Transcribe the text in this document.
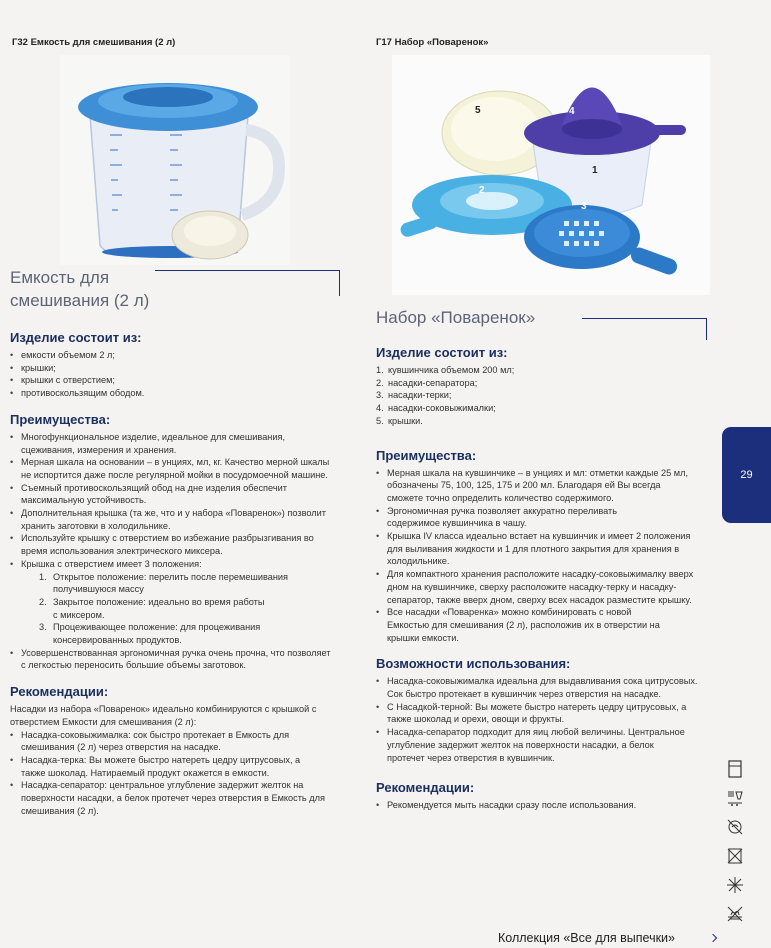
Г32 Емкость для смешивания (2 л)
Емкость для
смешивания (2 л)
Изделие состоит из:

• емкости объемом 2 л;

• крышки;

• крышки с отверстием;

• противоскользящим ободом.

Преимущества:

• Многофункциональное изделие, идеальное для смешивания, сцеживания, измерения и хранения.

• Мерная шкала на основании – в унциях, мл, кг. Качество мерной шкалы не испортится даже после регулярной мойки в посудомоечной машине.

• Съемный противоскользящий обод на дне изделия обеспечит максимальную устойчивость.

• Дополнительная крышка (та же, что и у набора «Поваренок») позволит хранить заготовки в холодильнике.

• Используйте крышку с отверстием во избежание разбрызгивания во время использования электрического миксера.

• Крышка с отверстием имеет 3 положения:

1. Открытое положение: перелить после перемешивания получившуюся массу

2. Закрытое положение: идеально во время работы с миксером.

3. Процеживающее положение: для процеживания консервированных продуктов.

• Усовершенствованная эргономичная ручка очень прочна, что позволяет с легкостью переносить большие объемы заготовок.

Рекомендации:

Насадки из набора «Поваренок» идеально комбинируются с крышкой с отверстием Емкости для смешивания (2 л):

• Насадка-соковыжималка: сок быстро протекает в Емкость для смешивания (2 л) через отверстия на насадке.

• Насадка-терка: Вы можете быстро натереть цедру цитрусовых, а также шоколад. Натираемый продукт окажется в емкости.

• Насадка-сепаратор: центральное углубление задержит желток на поверхности насадки, а белок протечет через отверстия в Емкость для смешивания (2 л).

Г17 Набор «Поваренок»
5	4
1
2
3
Набор «Поваренок»
Изделие состоит из:

1. кувшинчика объемом 200 мл;

2. насадки-сепаратора;

3. насадки-терки;

4. насадки-соковыжималки;

5. крышки.

Преимущества:

• Мерная шкала на кувшинчике – в унциях и мл: отметки каждые 25 мл, обозначены 75, 100, 125, 175 и 200 мл. Благодаря ей Вы всегда сможете точно определить количество содержимого.

• Эргономичная ручка позволяет аккуратно переливать содержимое кувшинчика в чашу.

• Крышка IV класса идеально встает на кувшинчик и имеет 2 положения для выливания жидкости и 1 для плотного закрытия для хранения в холодильнике.

• Для компактного хранения расположите насадку-соковыжималку вверх дном на кувшинчике, сверху расположите насадку-терку и насадку-сепаратор, также вверх дном, сверху всех насадок разместите крышку.

• Все насадки «Поваренка» можно комбинировать с новой Емкостью для смешивания (2 л), расположив их в отверстии на крышки емкости.

Возможности использования:

• Насадка-соковыжималка идеальна для выдавливания сока цитрусовых. Сок быстро протекает в кувшинчик через отверстия на насадке.

• С Насадкой-терной: Вы можете быстро натереть цедру цитрусовых, а также шоколад и орехи, овощи и фрукты.

• Насадка-сепаратор подходит для яиц любой величины. Центральное углубление задержит желток на поверхности насадки, а белок протечет через отверстия в кувшинчик.

Рекомендации:

• Рекомендуется мыть насадки сразу после использования.

29
Коллекция «Все для выпечки»
